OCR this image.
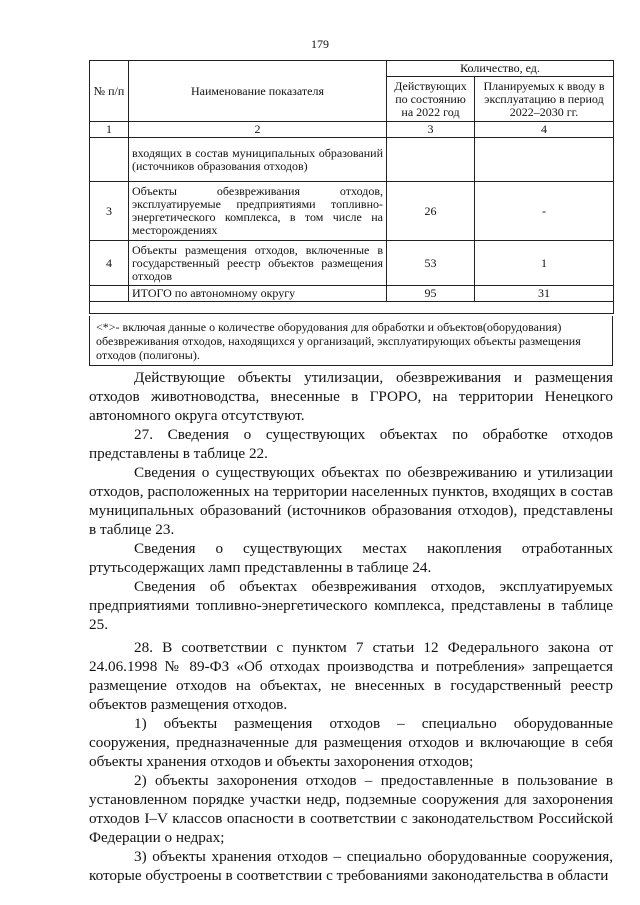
179
№ п/п	Наименование показателя	Количество, ед.	
		Действующих по состоянию на 2022 год	Планируемых к вводу в эксплуатацию в период 2022–2030 гг.
1	2	3	4
	входящих в состав муниципальных образований (источников образования отходов)		
3	Объекты обезвреживания отходов, эксплуатируемые предприятиями топливно-энергетического комплекса, в том числе на месторождениях	26	-
4	Объекты размещения отходов, включенные в государственный реестр объектов размещения отходов	53	1
	ИТОГО по автономному округу	95	31

<*>- включая данные о количестве оборудования для обработки и объектов(оборудования) обезвреживания отходов, находящихся у организаций, эксплуатирующих объекты размещения отходов (полигоны).

Действующие объекты утилизации, обезвреживания и размещения отходов животноводства, внесенные в ГРОРО, на территории Ненецкого автономного округа отсутствуют.

27. Сведения о существующих объектах по обработке отходов представлены в таблице 22.

Сведения о существующих объектах по обезвреживанию и утилизации отходов, расположенных на территории населенных пунктов, входящих в состав муниципальных образований (источников образования отходов), представлены в таблице 23.

Сведения о существующих местах накопления отработанных ртутьсодержащих ламп представленны в таблице 24.

Сведения об объектах обезвреживания отходов, эксплуатируемых предприятиями топливно-энергетического комплекса, представлены в таблице 25.

28. В соответствии с пунктом 7 статьи 12 Федерального закона от 24.06.1998 № 89-ФЗ «Об отходах производства и потребления» запрещается размещение отходов на объектах, не внесенных в государственный реестр объектов размещения отходов.

1) объекты размещения отходов – специально оборудованные сооружения, предназначенные для размещения отходов и включающие в себя объекты хранения отходов и объекты захоронения отходов;

2) объекты захоронения отходов – предоставленные в пользование в установленном порядке участки недр, подземные сооружения для захоронения отходов I–V классов опасности в соответствии с законодательством Российской Федерации о недрах;

3) объекты хранения отходов – специально оборудованные сооружения, которые обустроены в соответствии с требованиями законодательства в области
